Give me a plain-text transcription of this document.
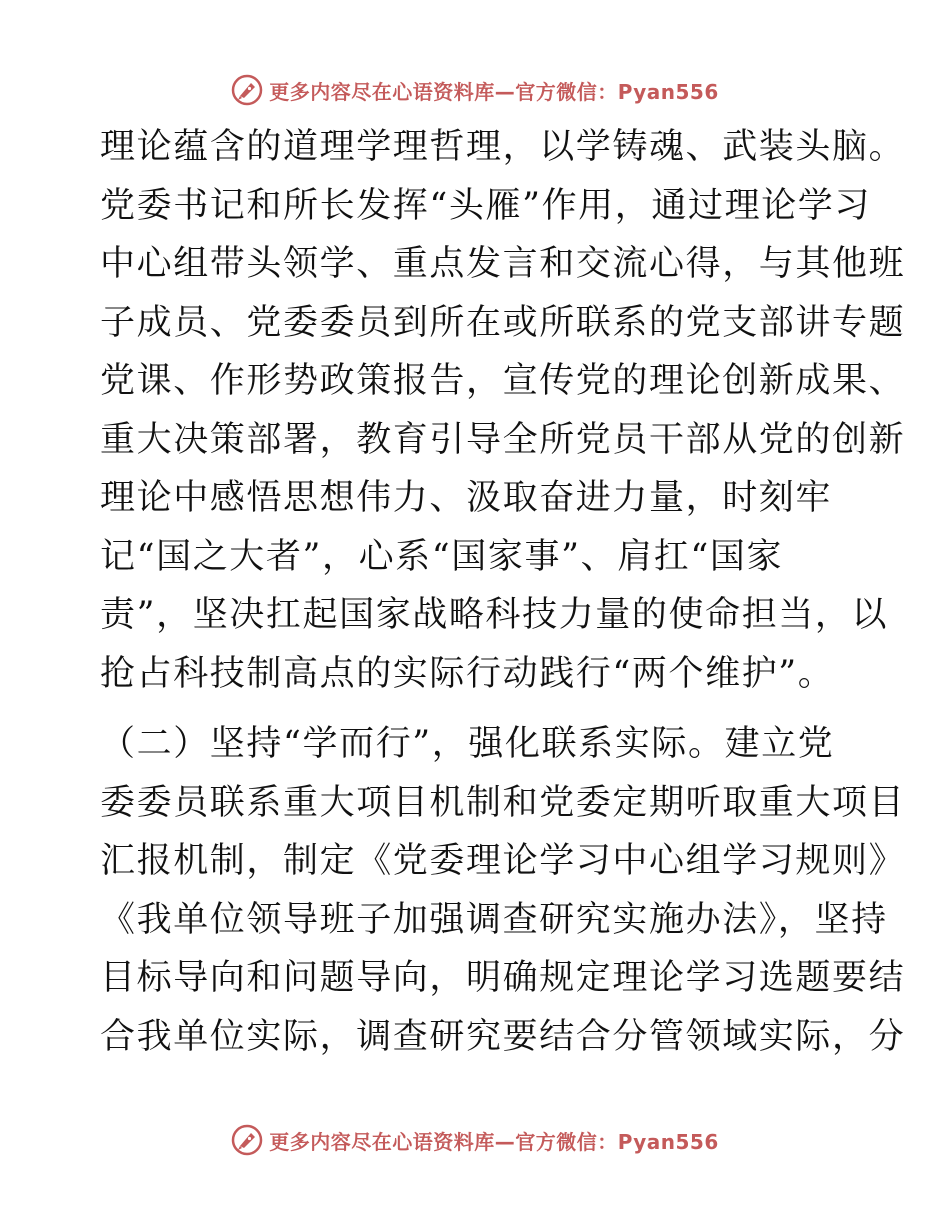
更多内容尽在心语资料库—官方微信：Pyan556
理论蕴含的道理学理哲理，以学铸魂、武装头脑。
党委书记和所长发挥“头雁”作用，通过理论学习
中心组带头领学、重点发言和交流心得，与其他班
子成员、党委委员到所在或所联系的党支部讲专题
党课、作形势政策报告，宣传党的理论创新成果、
重大决策部署，教育引导全所党员干部从党的创新
理论中感悟思想伟力、汲取奋进力量，时刻牢
记“国之大者”，心系“国家事”、肩扛“国家
责”，坚决扛起国家战略科技力量的使命担当，以
抢占科技制高点的实际行动践行“两个维护”。
（二）坚持“学而行”，强化联系实际。建立党
委委员联系重大项目机制和党委定期听取重大项目
汇报机制，制定《党委理论学习中心组学习规则》
《我单位领导班子加强调查研究实施办法》，坚持
目标导向和问题导向，明确规定理论学习选题要结
合我单位实际，调查研究要结合分管领域实际，分
更多内容尽在心语资料库—官方微信：Pyan556
